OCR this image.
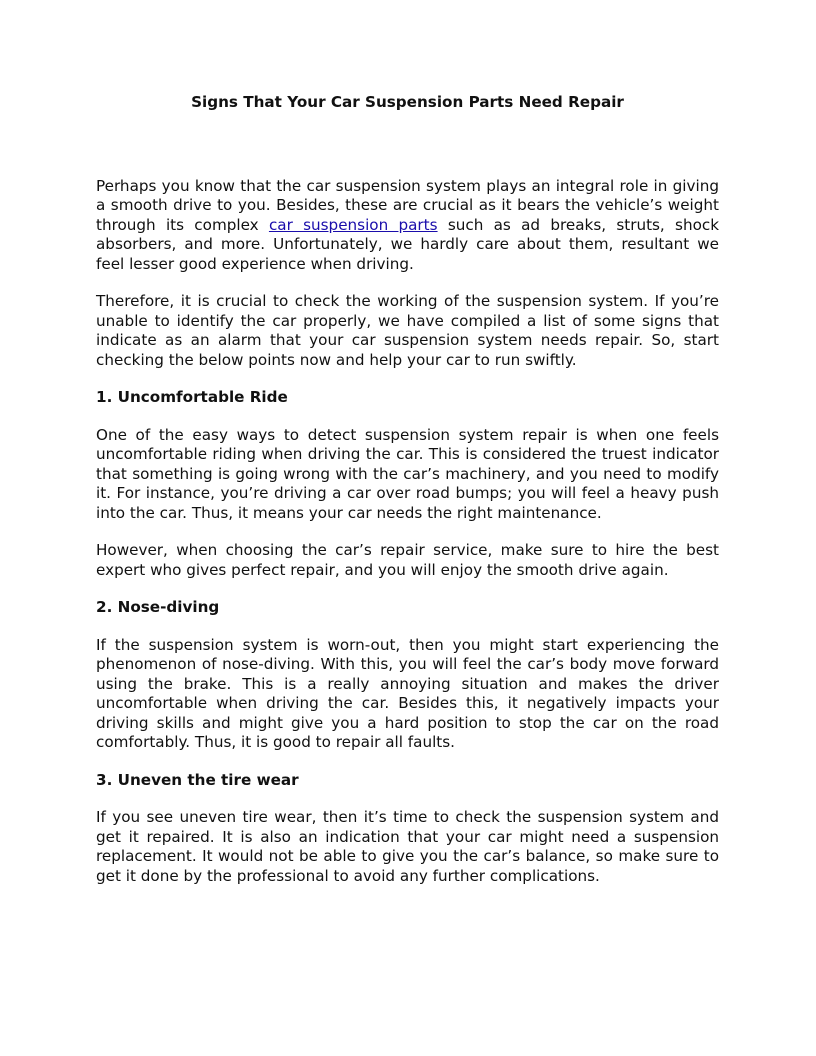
Signs That Your Car Suspension Parts Need Repair

Perhaps you know that the car suspension system plays an integral role in giving a smooth drive to you. Besides, these are crucial as it bears the vehicle’s weight through its complex car suspension parts such as ad breaks, struts, shock absorbers, and more. Unfortunately, we hardly care about them, resultant we feel lesser good experience when driving.

Therefore, it is crucial to check the working of the suspension system. If you’re unable to identify the car properly, we have compiled a list of some signs that indicate as an alarm that your car suspension system needs repair. So, start checking the below points now and help your car to run swiftly.

1. Uncomfortable Ride

One of the easy ways to detect suspension system repair is when one feels uncomfortable riding when driving the car. This is considered the truest indicator that something is going wrong with the car’s machinery, and you need to modify it. For instance, you’re driving a car over road bumps; you will feel a heavy push into the car. Thus, it means your car needs the right maintenance.

However, when choosing the car’s repair service, make sure to hire the best expert who gives perfect repair, and you will enjoy the smooth drive again.

2. Nose-diving

If the suspension system is worn-out, then you might start experiencing the phenomenon of nose-diving. With this, you will feel the car’s body move forward using the brake. This is a really annoying situation and makes the driver uncomfortable when driving the car. Besides this, it negatively impacts your driving skills and might give you a hard position to stop the car on the road comfortably. Thus, it is good to repair all faults.

3. Uneven the tire wear

If you see uneven tire wear, then it’s time to check the suspension system and get it repaired. It is also an indication that your car might need a suspension replacement. It would not be able to give you the car’s balance, so make sure to get it done by the professional to avoid any further complications.
